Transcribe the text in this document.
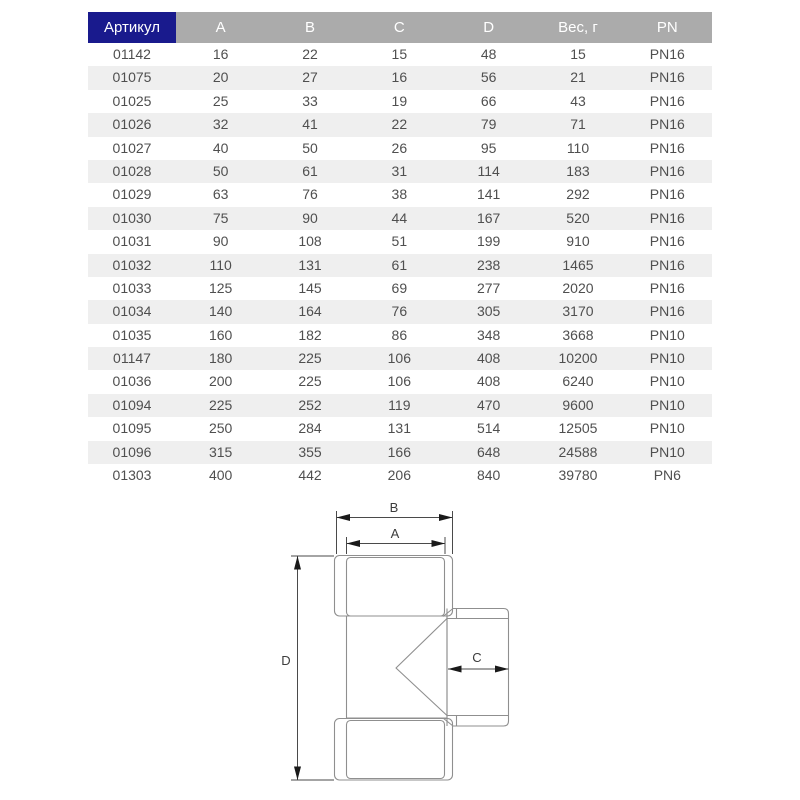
Артикул	A	B	C	D	Вес, г	PN
01142	16	22	15	48	15	PN16
01075	20	27	16	56	21	PN16
01025	25	33	19	66	43	PN16
01026	32	41	22	79	71	PN16
01027	40	50	26	95	110	PN16
01028	50	61	31	114	183	PN16
01029	63	76	38	141	292	PN16
01030	75	90	44	167	520	PN16
01031	90	108	51	199	910	PN16
01032	110	131	61	238	1465	PN16
01033	125	145	69	277	2020	PN16
01034	140	164	76	305	3170	PN16
01035	160	182	86	348	3668	PN10
01147	180	225	106	408	10200	PN10
01036	200	225	106	408	6240	PN10
01094	225	252	119	470	9600	PN10
01095	250	284	131	514	12505	PN10
01096	315	355	166	648	24588	PN10
01303	400	442	206	840	39780	PN6
B
A
D	C
